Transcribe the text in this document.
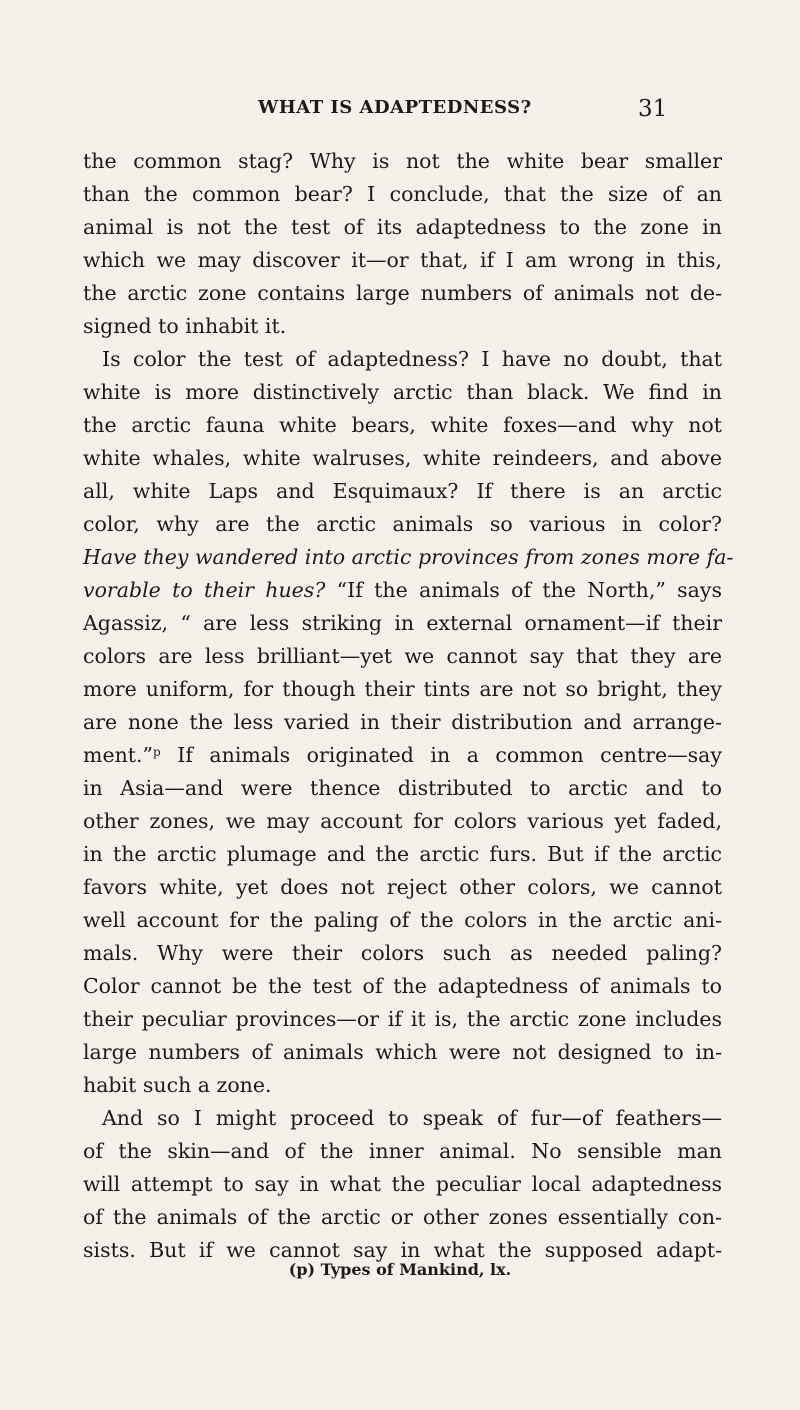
WHAT IS ADAPTEDNESS?	31
the common stag? Why is not the white bear smaller
than the common bear? I conclude, that the size of an
animal is not the test of its adaptedness to the zone in
which we may discover it—or that, if I am wrong in this,
the arctic zone contains large numbers of animals not de-
signed to inhabit it.
Is color the test of adaptedness? I have no doubt, that
white is more distinctively arctic than black. We find in
the arctic fauna white bears, white foxes—and why not
white whales, white walruses, white reindeers, and above
all, white Laps and Esquimaux? If there is an arctic
color, why are the arctic animals so various in color?
Have they wandered into arctic provinces from zones more fa-
vorable to their hues? “If the animals of the North,” says
Agassiz, “ are less striking in external ornament—if their
colors are less brilliant—yet we cannot say that they are
more uniform, for though their tints are not so bright, they
are none the less varied in their distribution and arrange-
ment.”$^p$ If animals originated in a common centre—say
in Asia—and were thence distributed to arctic and to
other zones, we may account for colors various yet faded,
in the arctic plumage and the arctic furs. But if the arctic
favors white, yet does not reject other colors, we cannot
well account for the paling of the colors in the arctic ani-
mals. Why were their colors such as needed paling?
Color cannot be the test of the adaptedness of animals to
their peculiar provinces—or if it is, the arctic zone includes
large numbers of animals which were not designed to in-
habit such a zone.
And so I might proceed to speak of fur—of feathers—
of the skin—and of the inner animal. No sensible man
will attempt to say in what the peculiar local adaptedness
of the animals of the arctic or other zones essentially con-
sists. But if we cannot say in what the supposed adapt-
(p) Types of Mankind, lx.
